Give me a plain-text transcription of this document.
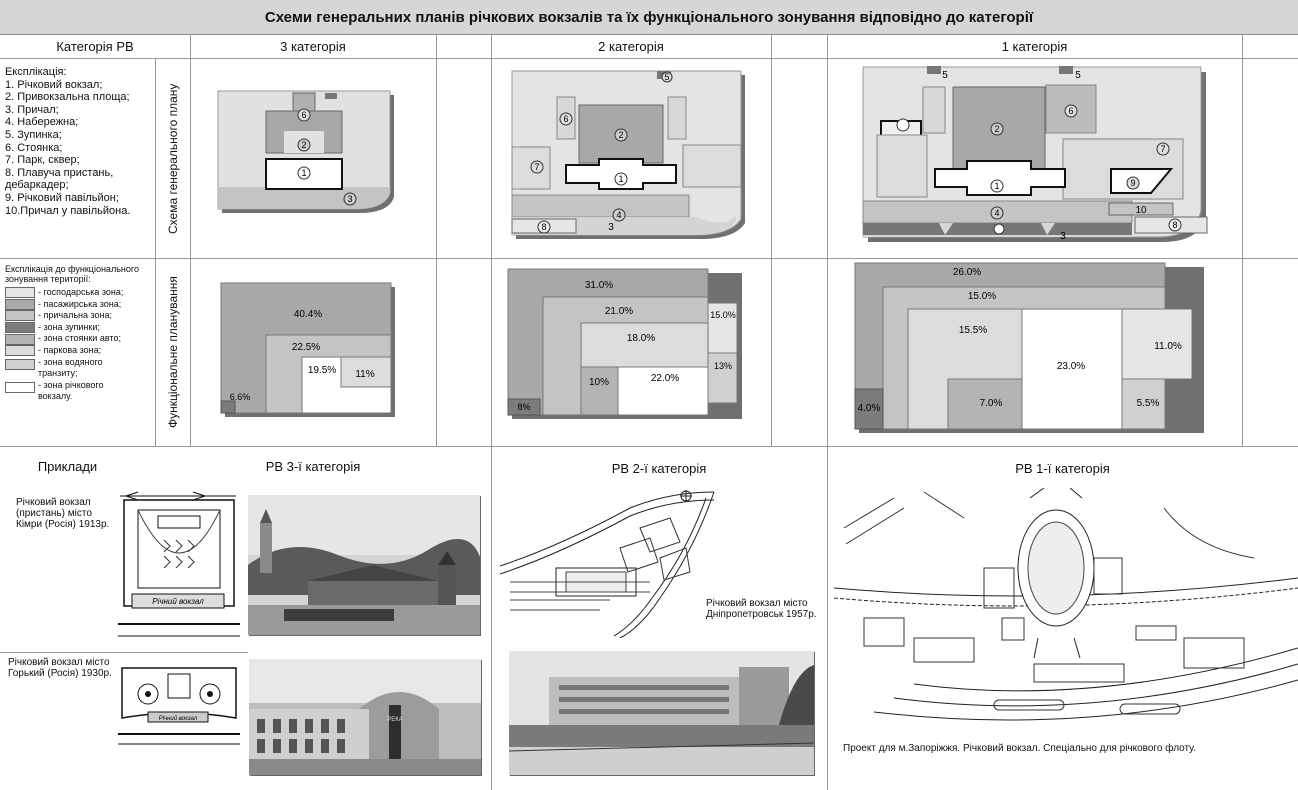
Схеми генеральних планів річкових вокзалів та їх функціонального зонування відповідно до категорії
Категорія РВ	3 категорія	2 категорія	1 категорія
Експлікація:
1. Річковий вокзал;
2. Привокзальна площа;
3. Причал;
4. Набережна;
5. Зупинка;
6. Стоянка;
7. Парк, сквер;
8. Плавуча пристань, дебаркадер;
9. Річковий павільйон;
10.Причал у павільйона.	Схема генерального плану
Функціональне планування
Експлікація до функціонального зонування території:
- господарська зона;
- пасажирська зона;
- причальна зона;
- зона зупинки;
- зона стоянки авто;
- паркова зона;
- зона водяного транзиту;
- зона річкового вокзалу.
6
2
1
3
5
6
2
7
1
4
8	3
5	5
6
2
7
1	9
4	10
8
3
40.4%
22.5%
19.5% 11%
6.6%
31.0%
21.0%	15.0%
18.0%
13%
10%	22.0%
8%
26.0%
15.0%
15.5%
23.0%
11.0%
4.0%	7.0%	5.5%
Приклади	РВ 3-ї категорія	РВ 2-ї категорія	РВ 1-ї категорія
Річковий вокзал (пристань) місто Кімри (Росія) 1913р.
Річний вокзал
Річковий вокзал місто Горький (Росія) 1930р.
Річний вокзал	РЕКА
Річковий вокзал місто Дніпропетровськ 1957р.
Проект для м.Запоріжжя. Річковий вокзал. Спеціально для річкового флоту.
